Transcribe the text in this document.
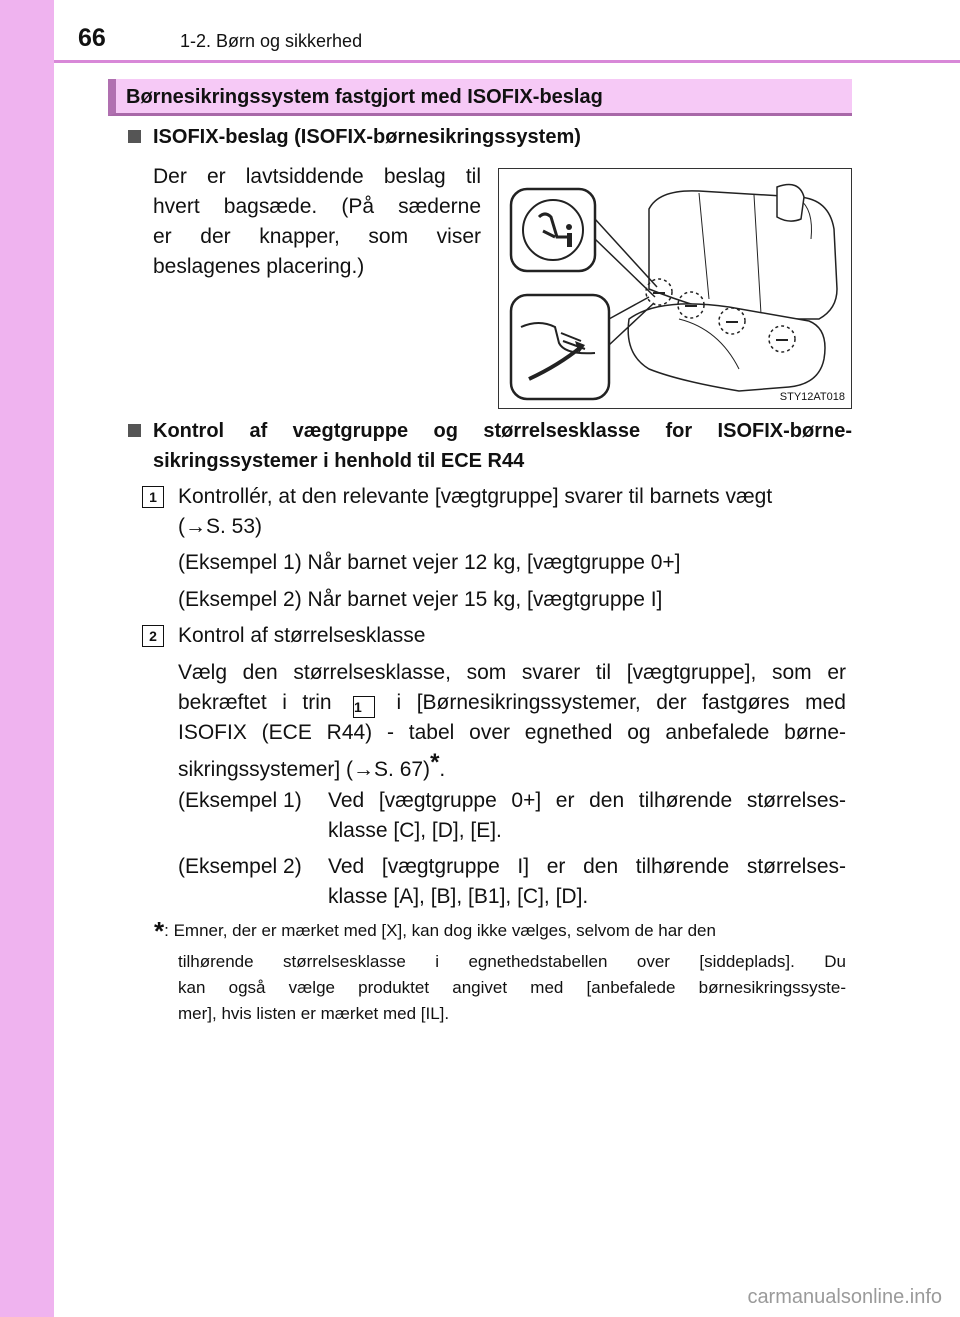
66	1-2. Børn og sikkerhed
Børnesikringssystem fastgjort med ISOFIX-beslag
ISOFIX-beslag (ISOFIX-børnesikringssystem)
Der er lavtsiddende beslag til
hvert bagsæde. (På sæderne
er der knapper, som viser
beslagenes placering.)
STY12AT018
Kontrol af vægtgruppe og størrelsesklasse for ISOFIX-børne-
sikringssystemer i henhold til ECE R44
1	Kontrollér, at den relevante [vægtgruppe] svarer til barnets vægt
(→S. 53)
(Eksempel 1) Når barnet vejer 12 kg, [vægtgruppe 0+]
(Eksempel 2) Når barnet vejer 15 kg, [vægtgruppe I]
2	Kontrol af størrelsesklasse
Vælg den størrelsesklasse, som svarer til [vægtgruppe], som er
bekræftet i trin 1 i [Børnesikringssystemer, der fastgøres med
ISOFIX (ECE R44) - tabel over egnethed og anbefalede børne-
sikringssystemer] (→S. 67)*.
(Eksempel 1) Ved [vægtgruppe 0+] er den tilhørende størrelses-
klasse [C], [D], [E].
(Eksempel 2) Ved [vægtgruppe I] er den tilhørende størrelses-
klasse [A], [B], [B1], [C], [D].
*: Emner, der er mærket med [X], kan dog ikke vælges, selvom de har den
tilhørende størrelsesklasse i egnethedstabellen over [siddeplads]. Du
kan også vælge produktet angivet med [anbefalede børnesikringssyste-
mer], hvis listen er mærket med [IL].
carmanualsonline.info
